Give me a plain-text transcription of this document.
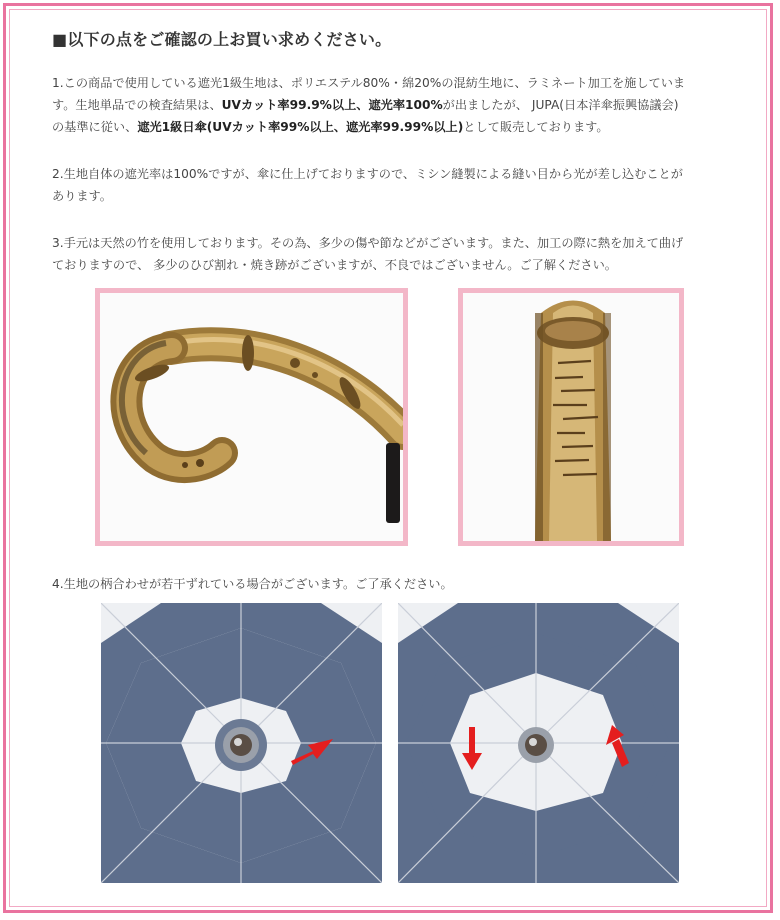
■以下の点をご確認の上お買い求めください。
1.この商品で使用している遮光1級生地は、ポリエステル80%・綿20%の混紡生地に、ラミネート加工を施していま
す。生地単品での検査結果は、UVカット率99.9%以上、遮光率100%が出ましたが、 JUPA(日本洋傘振興協議会)
の基準に従い、遮光1級日傘(UVカット率99%以上、遮光率99.99%以上)として販売しております。
2.生地自体の遮光率は100%ですが、傘に仕上げておりますので、ミシン縫製による縫い目から光が差し込むことが
あります。
3.手元は天然の竹を使用しております。その為、多少の傷や節などがございます。また、加工の際に熱を加えて曲げ
ておりますので、 多少のひび割れ・焼き跡がございますが、不良ではございません。ご了解ください。
4.生地の柄合わせが若干ずれている場合がございます。ご了承ください。
